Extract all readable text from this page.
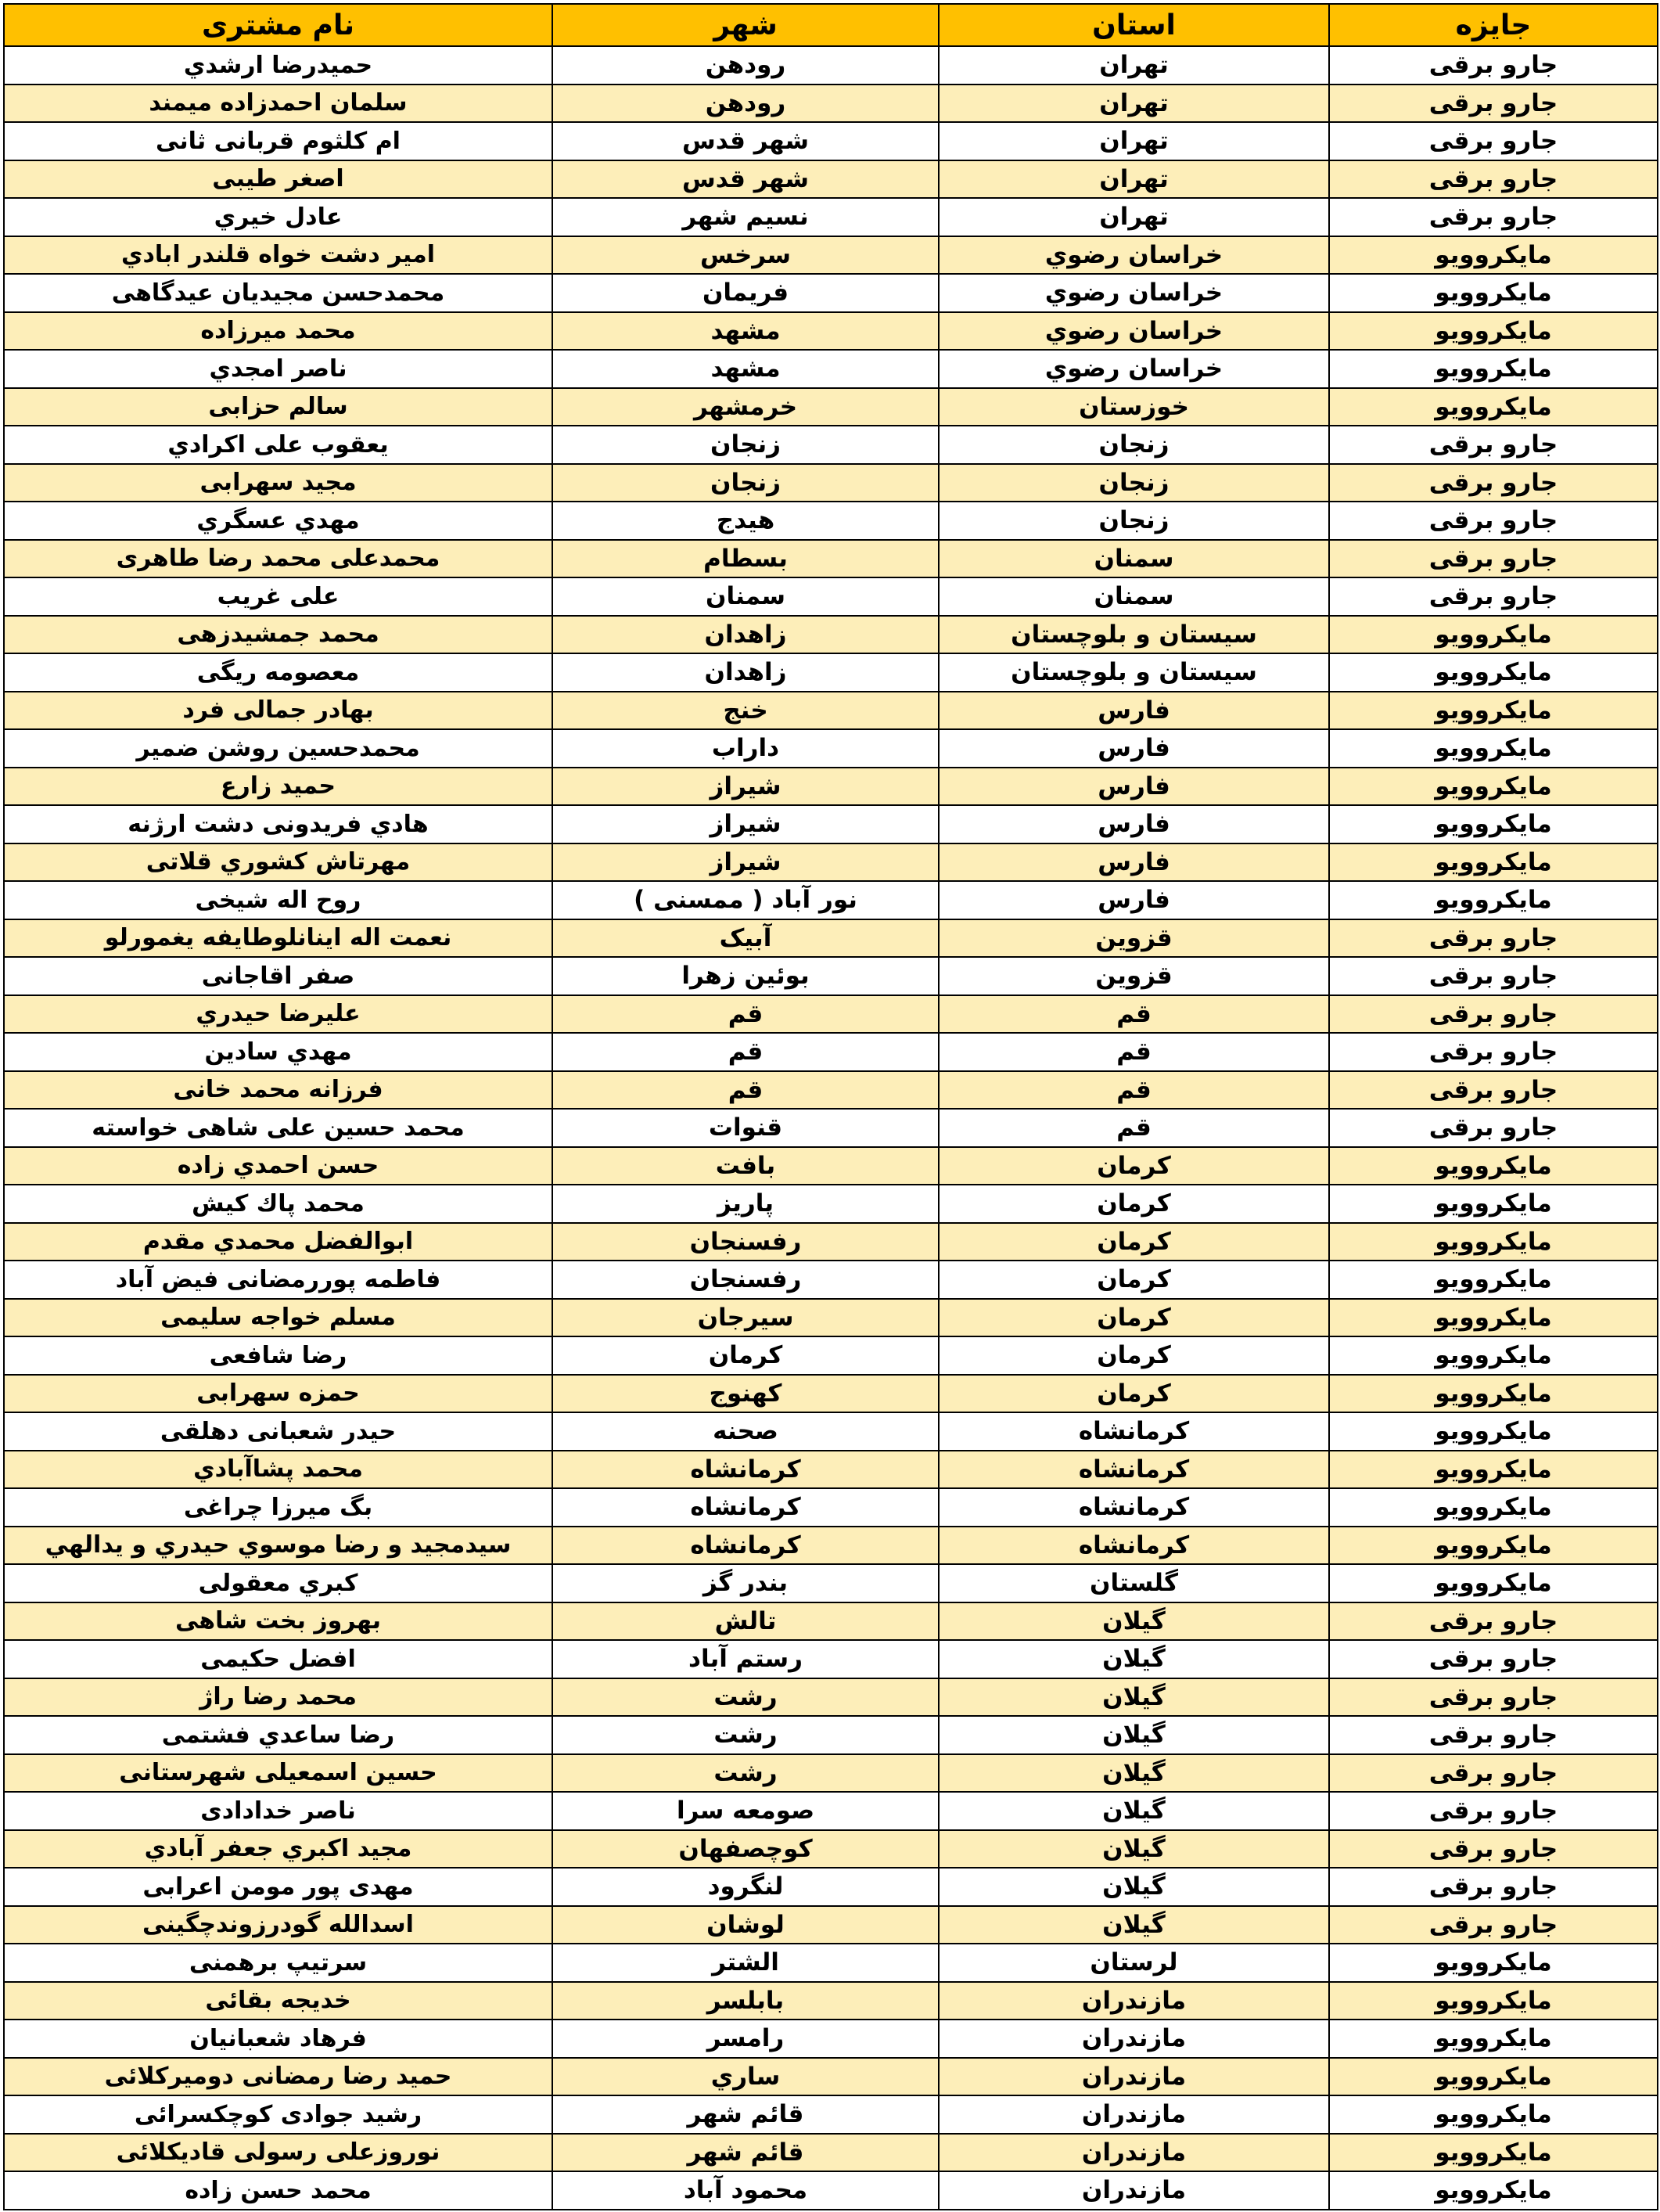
نام مشتری	شهر	استان	جایزه
حمیدرضا ارشدي	رودهن	تهران	جارو برقی
سلمان احمدزاده میمند	رودهن	تهران	جارو برقی
ام کلثوم قربانی ثانی	شهر قدس	تهران	جارو برقی
اصغر طیبی	شهر قدس	تهران	جارو برقی
عادل خیري	نسیم شهر	تهران	جارو برقی
امیر دشت خواه قلندر ابادي	سرخس	خراسان رضوي	مایکروویو
محمدحسن مجیدیان عیدگاهی	فریمان	خراسان رضوي	مایکروویو
محمد میرزاده	مشهد	خراسان رضوي	مایکروویو
ناصر امجدي	مشهد	خراسان رضوي	مایکروویو
سالم حزابی	خرمشهر	خوزستان	مایکروویو
یعقوب علی اکرادي	زنجان	زنجان	جارو برقی
مجید سهرابی	زنجان	زنجان	جارو برقی
مهدي عسگري	هیدج	زنجان	جارو برقی
محمدعلی محمد رضا طاهری	بسطام	سمنان	جارو برقی
علی غریب	سمنان	سمنان	جارو برقی
محمد جمشیدزهی	زاهدان	سیستان و بلوچستان	مایکروویو
معصومه ریگی	زاهدان	سیستان و بلوچستان	مایکروویو
بهادر جمالی فرد	خنج	فارس	مایکروویو
محمدحسین روشن ضمیر	داراب	فارس	مایکروویو
حمید زارع	شیراز	فارس	مایکروویو
هادي فریدونی دشت ارژنه	شیراز	فارس	مایکروویو
مهرتاش کشوري قلاتی	شیراز	فارس	مایکروویو
روح اله شیخی	نور آباد ( ممسنی )	فارس	مایکروویو
نعمت اله اینانلوطایفه یغمورلو	آبیک	قزوین	جارو برقی
صفر اقاجانی	بوئین زهرا	قزوین	جارو برقی
علیرضا حیدري	قم	قم	جارو برقی
مهدي سادین	قم	قم	جارو برقی
فرزانه محمد خانی	قم	قم	جارو برقی
محمد حسین علی شاهی خواسته	قنوات	قم	جارو برقی
حسن احمدي زاده	بافت	کرمان	مایکروویو
محمد پاك کیش	پاریز	کرمان	مایکروویو
ابوالفضل محمدي مقدم	رفسنجان	کرمان	مایکروویو
فاطمه پوررمضانی فیض آباد	رفسنجان	کرمان	مایکروویو
مسلم خواجه سلیمی	سیرجان	کرمان	مایکروویو
رضا شافعی	کرمان	کرمان	مایکروویو
حمزه سهرابی	کهنوج	کرمان	مایکروویو
حیدر شعبانی دهلقی	صحنه	کرمانشاه	مایکروویو
محمد پشاآبادي	کرمانشاه	کرمانشاه	مایکروویو
بگ میرزا چراغی	کرمانشاه	کرمانشاه	مایکروویو
سیدمجید و رضا موسوي حیدري و یدالهي	کرمانشاه	کرمانشاه	مایکروویو
کبري معقولی	بندر گز	گلستان	مایکروویو
بهروز بخت شاهی	تالش	گیلان	جارو برقی
افضل حکیمی	رستم آباد	گیلان	جارو برقی
محمد رضا راژ	رشت	گیلان	جارو برقی
رضا ساعدي فشتمی	رشت	گیلان	جارو برقی
حسین اسمعیلی شهرستانی	رشت	گیلان	جارو برقی
ناصر خدادادی	صومعه سرا	گیلان	جارو برقی
مجید اکبري جعفر آبادي	کوچصفهان	گیلان	جارو برقی
مهدی پور مومن اعرابی	لنگرود	گیلان	جارو برقی
اسدالله گودرزوندچگینی	لوشان	گیلان	جارو برقی
سرتیپ برهمنی	الشتر	لرستان	مایکروویو
خدیجه بقائی	بابلسر	مازندران	مایکروویو
فرهاد شعبانیان	رامسر	مازندران	مایکروویو
حمید رضا رمضانی دومیرکلائی	ساري	مازندران	مایکروویو
رشید جوادی کوچکسرائی	قائم شهر	مازندران	مایکروویو
نوروزعلی رسولی قادیکلائی	قائم شهر	مازندران	مایکروویو
محمد حسن زاده	محمود آباد	مازندران	مایکروویو
